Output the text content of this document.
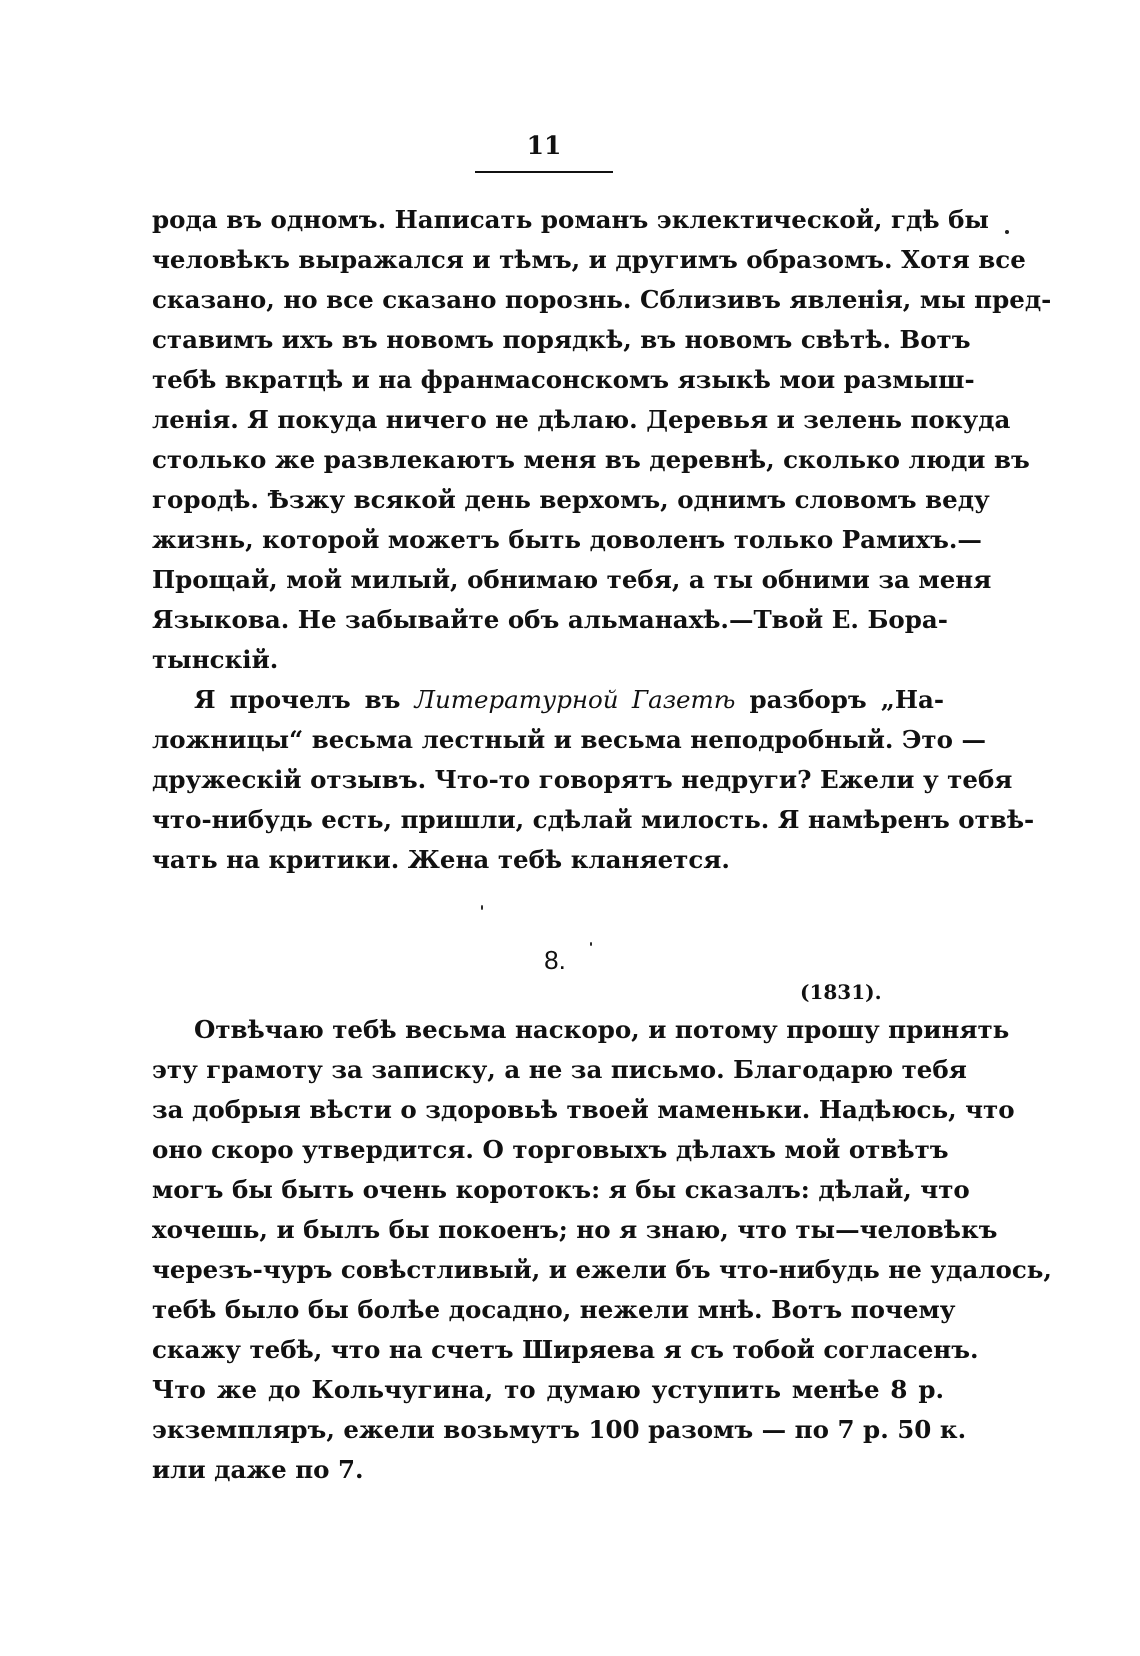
11
рода въ одномъ. Написать романъ эклектической, гдѣ бы
человѣкъ выражался и тѣмъ, и другимъ образомъ. Хотя все
сказано, но все сказано порознь. Сблизивъ явленія, мы пред-
ставимъ ихъ въ новомъ порядкѣ, въ новомъ свѣтѣ. Вотъ
тебѣ вкратцѣ и на франмасонскомъ языкѣ мои размыш-
ленія. Я покуда ничего не дѣлаю. Деревья и зелень покуда
столько же развлекаютъ меня въ деревнѣ, сколько люди въ
городѣ. Ѣзжу всякой день верхомъ, однимъ словомъ веду
жизнь, которой можетъ быть доволенъ только Рамихъ.—
Прощай, мой милый, обнимаю тебя, а ты обними за меня
Языкова. Не забывайте объ альманахѣ.—Твой Е. Бора-
тынскій.
Я прочелъ въ Литературной Газетѣ разборъ „На-
ложницы“ весьма лестный и весьма неподробный. Это —
дружескій отзывъ. Что-то говорятъ недруги? Ежели у тебя
что-нибудь есть, пришли, сдѣлай милость. Я намѣренъ отвѣ-
чать на критики. Жена тебѣ кланяется.
8.
(1831).
Отвѣчаю тебѣ весьма наскоро, и потому прошу принять
эту грамоту за записку, а не за письмо. Благодарю тебя
за добрыя вѣсти о здоровьѣ твоей маменьки. Надѣюсь, что
оно скоро утвердится. О торговыхъ дѣлахъ мой отвѣтъ
могъ бы быть очень коротокъ: я бы сказалъ: дѣлай, что
хочешь, и былъ бы покоенъ; но я знаю, что ты—человѣкъ
черезъ-чуръ совѣстливый, и ежели бъ что-нибудь не удалось,
тебѣ было бы болѣе досадно, нежели мнѣ. Вотъ почему
скажу тебѣ, что на счетъ Ширяева я съ тобой согласенъ.
Что же до Кольчугина, то думаю уступить менѣе 8 р.
экземпляръ, ежели возьмутъ 100 разомъ — по 7 р. 50 к.
или даже по 7.
